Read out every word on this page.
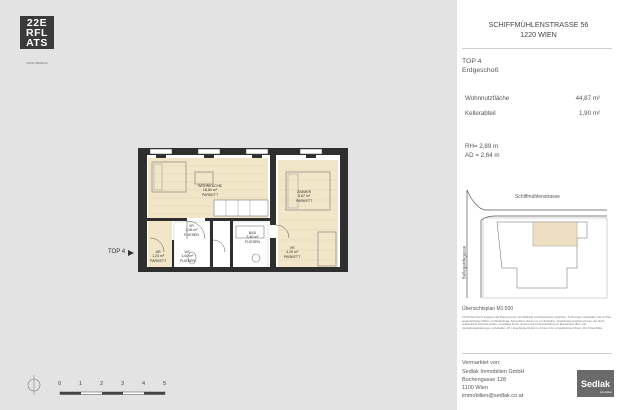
22E
RFL
ATS
LIVING VIENNA 22
WOHNKÜCHE
16,80 m²
PARKETT
ZIMMER
9,67 m²
PARKETT
VR
2,06 m²
FLIESEN	BAD
3,40 m²
FLIESEN
AR
1,24 m²
PARKETT
WC
1,60 m²
FLIESEN
VR
4,20 m²
PARKETT
TOP 4
0	1	2	3	4	5
SCHIFFMÜHLENSTRASSE 56
1220 WIEN
TOP 4
Erdgeschoß
Wohnnutzfläche	44,87 m²
Kellerabteil	1,90 m²
RH= 2,89 m
AD = 2,64 m
Schiffmühlenstrasse
Bellegardegasse
Übersichtsplan M1:500
ACHTUNG! Durch auslesen des Planes können sich Maßstab und Proportionen verändern. Änderungen vorbehalten. Die im Plan eingezeichneten Möbel- und Bodenbelag, Schrankform dienen nur zur Illustration. Quadratmeterangaben können sich durch aufgebrachte Schränke ändern. Grundlage für die Vermessung ist die Darstellung im Einreichplan. Bau- und Ausstattungsänderungen vorbehalten. AD = abgehängte Decke im Vorraum bzw. eingezeichneter Raum; RH = Raumhöhe
Vermarktet von:
Sedlak Immobilien GmbH
Buchengasse 128
1100 Wien
immobilien@sedlak.co.at
Sedlak
Immobilien
